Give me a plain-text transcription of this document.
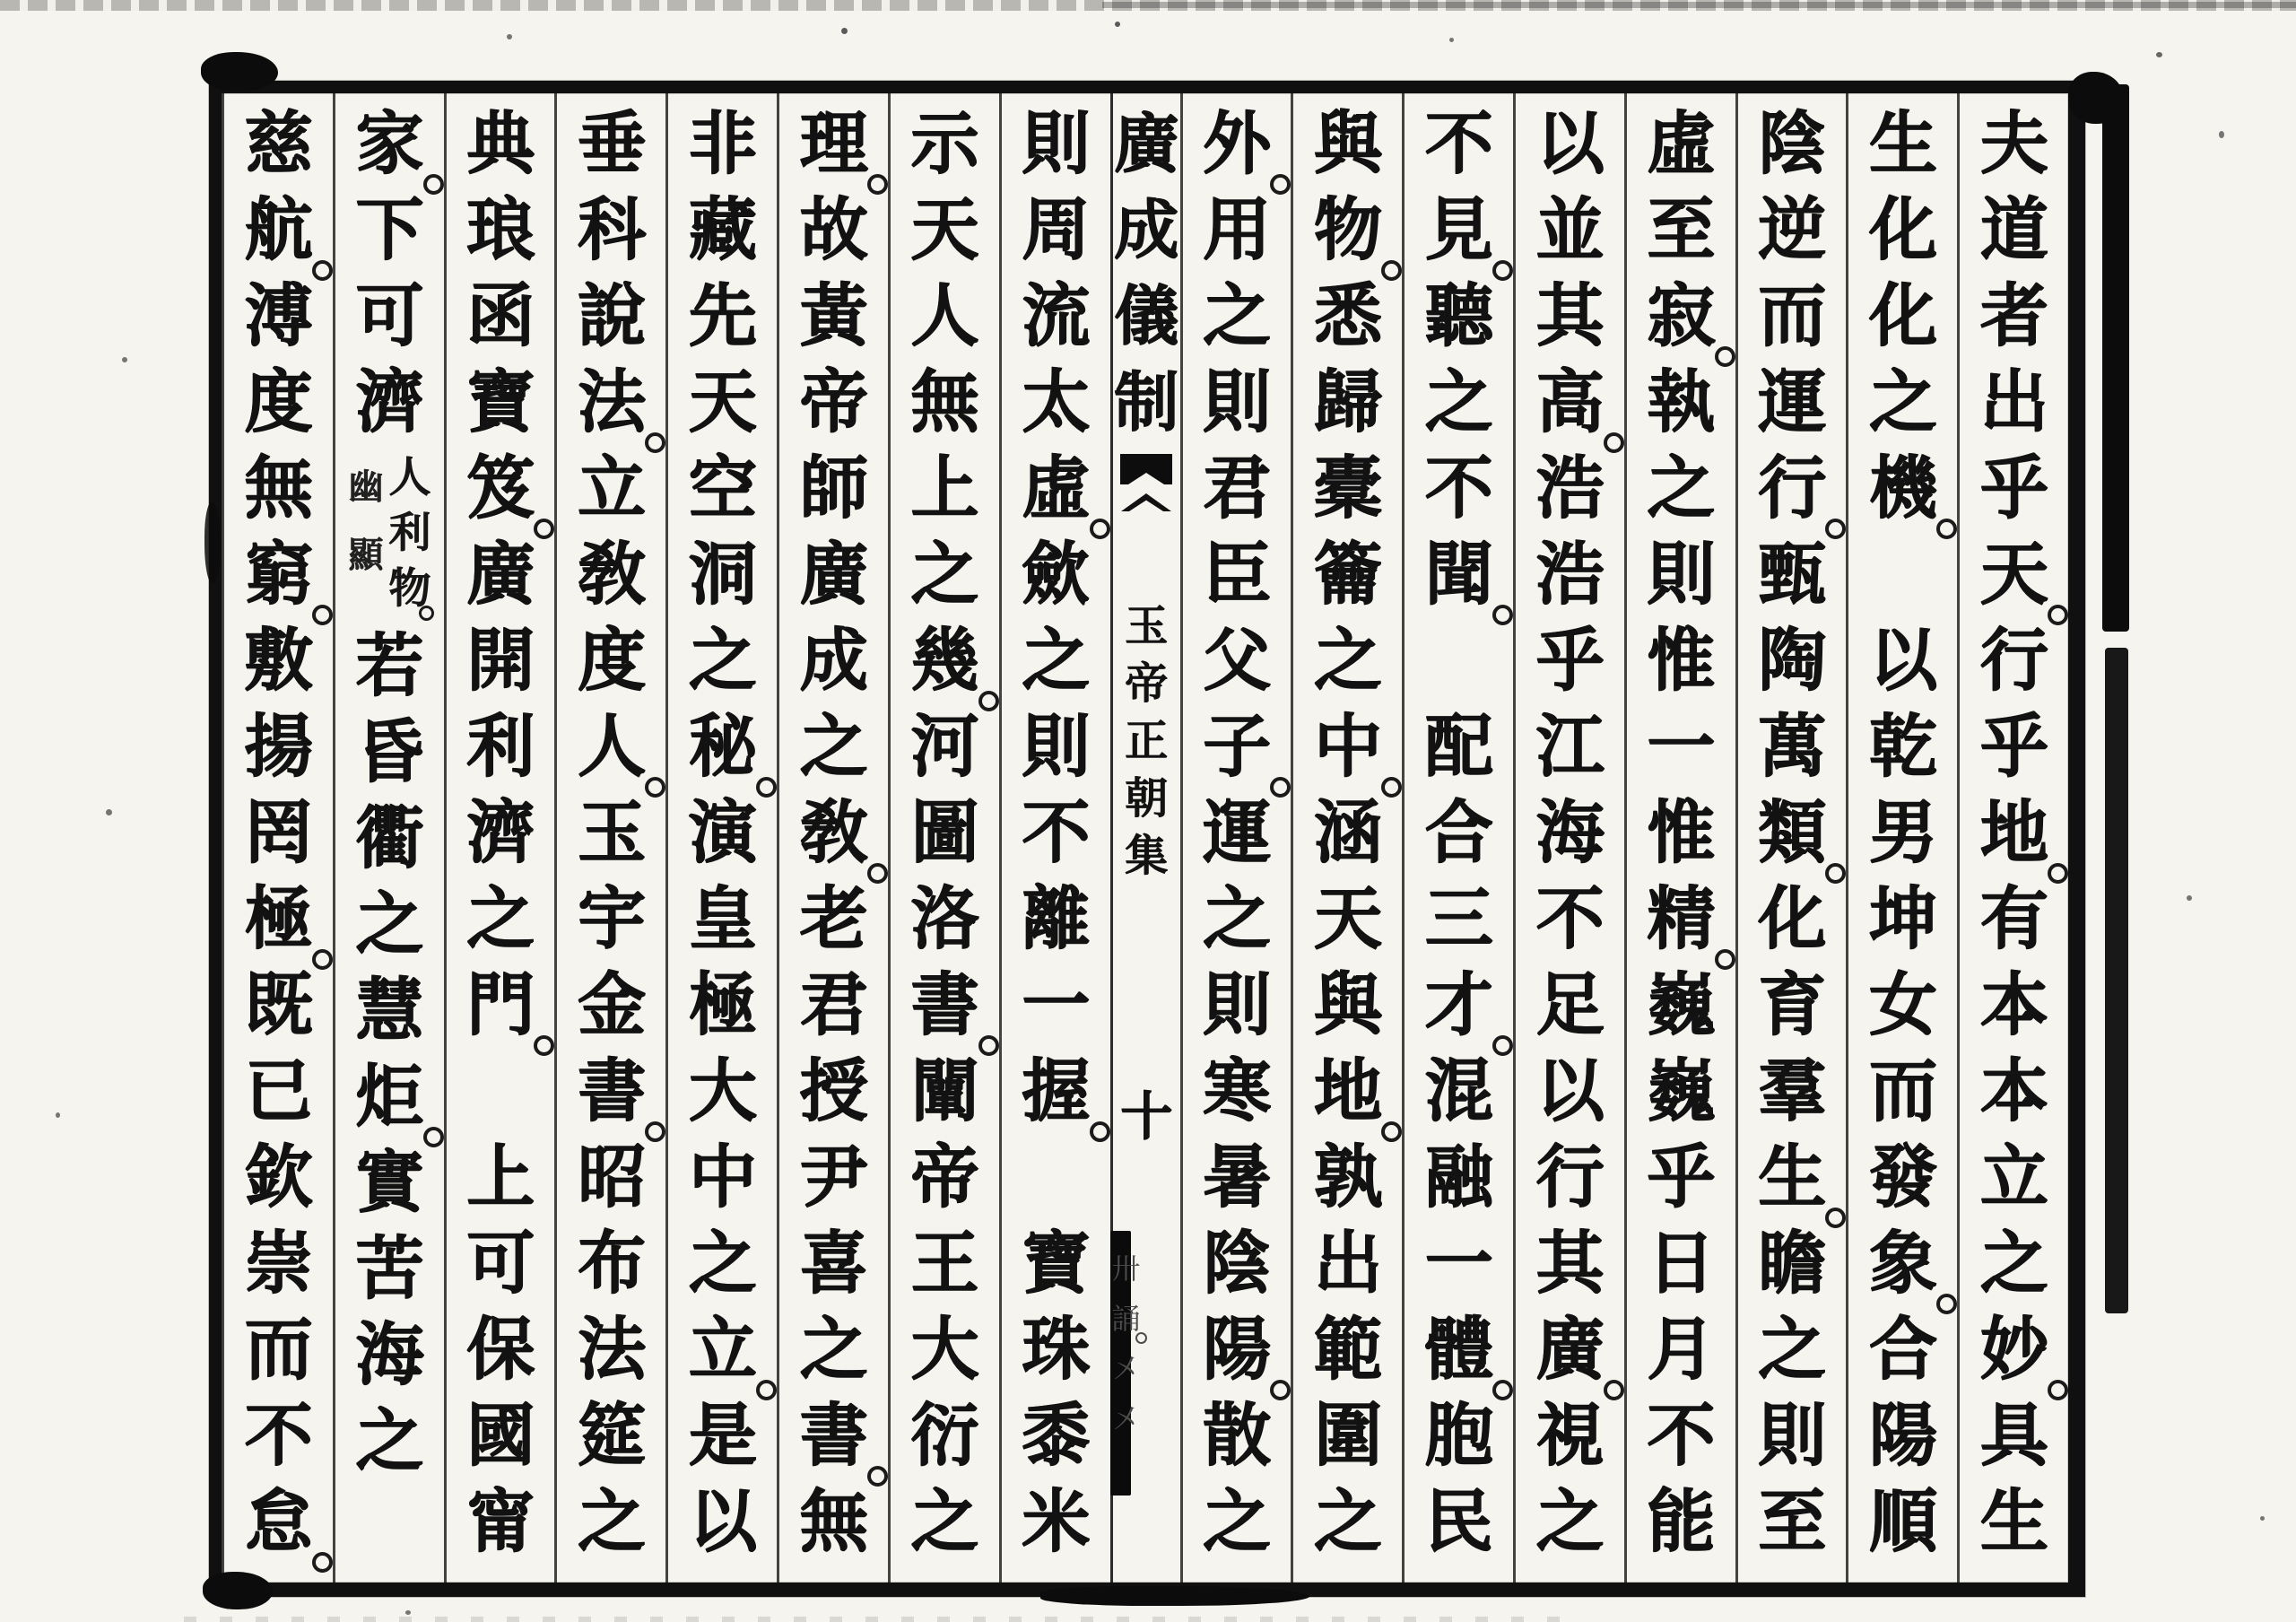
夫
道
者
出
乎
天
行
乎
地
有
本
本
立
之
妙
具
生
生
化
化
之
機
以
乾
男
坤
女
而
發
象
合
陽
順
陰
逆
而
運
行
甄
陶
萬
類
化
育
羣
生
瞻
之
則
至
虛
至
寂
執
之
則
惟
一
惟
精
巍
巍
乎
日
月
不
能
以
並
其
高
浩
浩
乎
江
海
不
足
以
行
其
廣
視
之
不
見
聽
之
不
聞
配
合
三
才
混
融
一
體
胞
民
與
物
悉
歸
橐
籥
之
中
涵
天
與
地
孰
出
範
圍
之
外
用
之
則
君
臣
父
子
運
之
則
寒
暑
陰
陽
散
之
廣
成
儀
制
玉
帝
正
朝
集
十
卅
誦
㐅
㐅
則
周
流
太
虛
歛
之
則
不
離
一
握
寶
珠
黍
米
示
天
人
無
上
之
幾
河
圖
洛
書
闡
帝
王
大
衍
之
理
故
黃
帝
師
廣
成
之
敎
老
君
授
尹
喜
之
書
無
非
藏
先
天
空
洞
之
秘
演
皇
極
大
中
之
立
是
以
垂
科
說
法
立
敎
度
人
玉
宇
金
書
昭
布
法
筵
之
典
琅
函
寶
笈
廣
開
利
濟
之
門
上
可
保
國
甯
家
下
可
濟
人
利
物
幽
顯
若
昏
衢
之
慧
炬
實
苦
海
之
慈
航
溥
度
無
窮
敷
揚
罔
極
既
已
欽
崇
而
不
怠
